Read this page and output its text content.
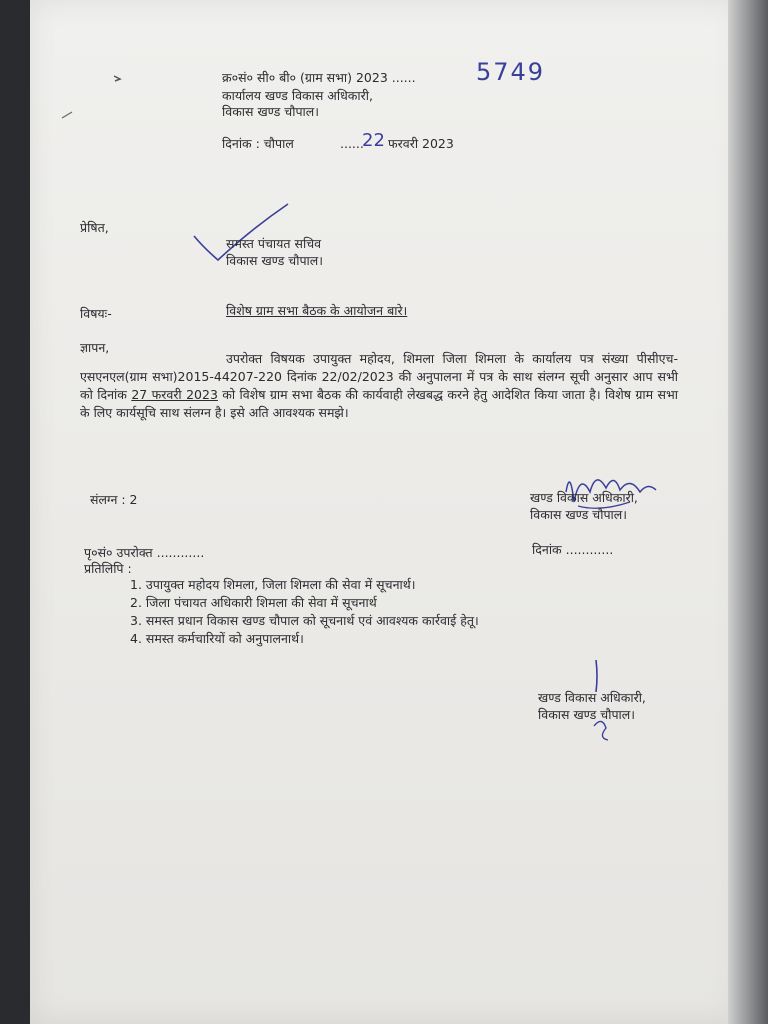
क्र०सं० सी० बी० (ग्राम सभा) 2023 ......	5749
कार्यालय खण्ड विकास अधिकारी,
विकास खण्ड चौपाल।
दिनांक : चौपाल	......
22 फरवरी 2023
प्रेषित,
समस्त पंचायत सचिव
विकास खण्ड चौपाल।
विषयः-	विशेष ग्राम सभा बैठक के आयोजन बारे।
ज्ञापन,
उपरोक्त विषयक उपायुक्त महोदय, शिमला जिला शिमला के कार्यालय पत्र संख्या पीसीएच-एसएनएल(ग्राम सभा)2015-44207-220 दिनांक 22/02/2023 की अनुपालना में पत्र के साथ संलग्न सूची अनुसार आप सभी को दिनांक 27 फरवरी 2023 को विशेष ग्राम सभा बैठक की कार्यवाही लेखबद्ध करने हेतु आदेशित किया जाता है। विशेष ग्राम सभा के लिए कार्यसूचि साथ संलग्न है। इसे अति आवश्यक समझे।
संलग्न : 2	खण्ड विकास अधिकारी,
विकास खण्ड चौपाल।
पृ०सं० उपरोक्त ............	दिनांक ............
प्रतिलिपि :
1. उपायुक्त महोदय शिमला, जिला शिमला की सेवा में सूचनार्थ।
2. जिला पंचायत अधिकारी शिमला की सेवा में सूचनार्थ
3. समस्त प्रधान विकास खण्ड चौपाल को सूचनार्थ एवं आवश्यक कार्रवाई हेतू।
4. समस्त कर्मचारियों को अनुपालनार्थ।
खण्ड विकास अधिकारी,
विकास खण्ड चौपाल।
